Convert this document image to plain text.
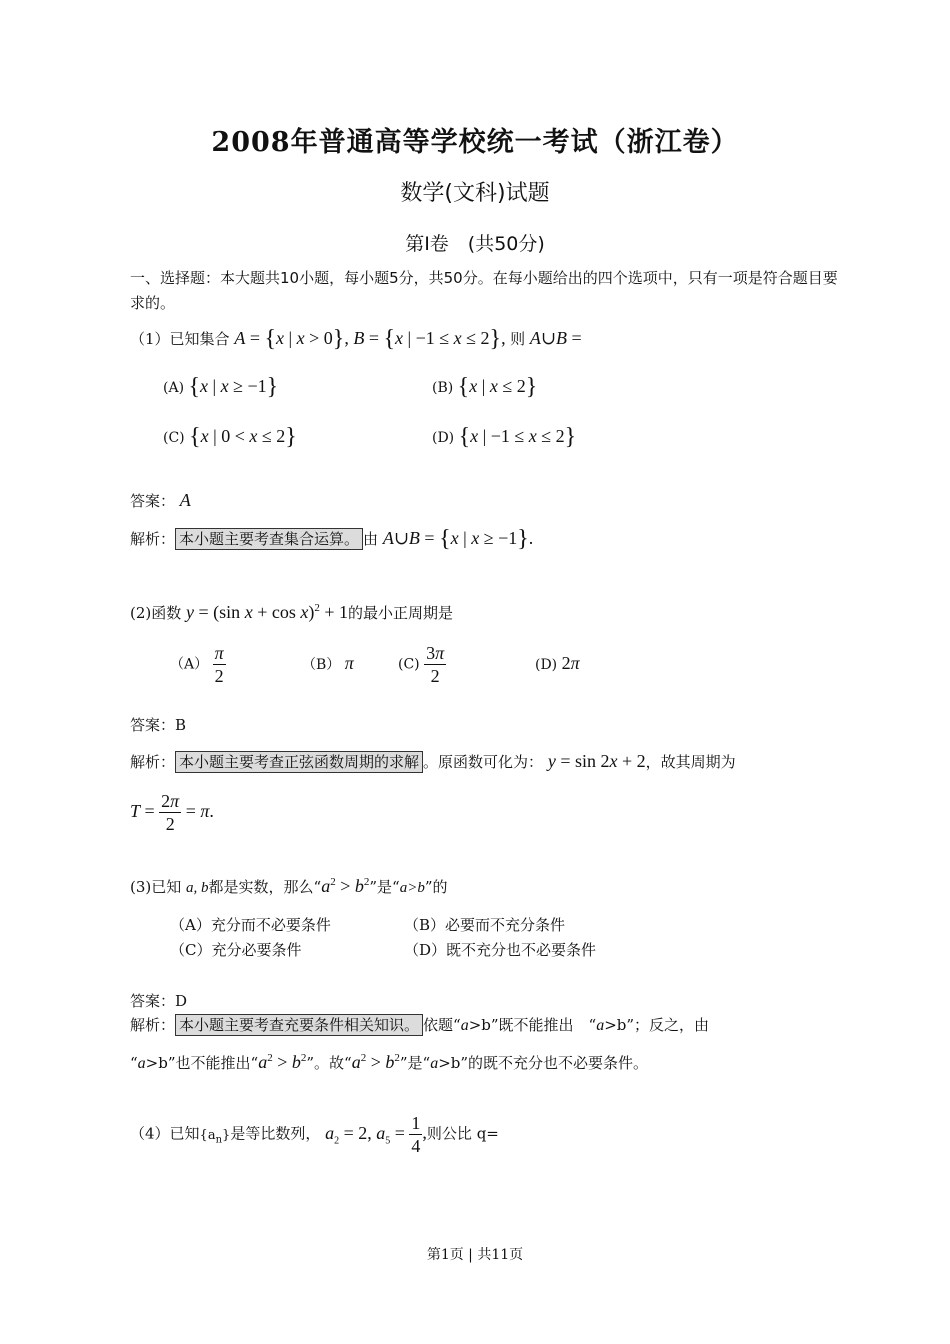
2008年普通高等学校统一考试（浙江卷）
数学(文科)试题
第Ⅰ卷　(共50分)
一、选择题：本大题共10小题，每小题5分，共50分。在每小题给出的四个选项中，只有一项是符合题目要求的。
（1）已知集合 A = {x | x > 0}, B = {x | −1 ≤ x ≤ 2}, 则 A∪B =
(A) {x | x ≥ −1}	(B) {x | x ≤ 2}
(C) {x | 0 < x ≤ 2}	(D) {x | −1 ≤ x ≤ 2}
答案： A
解析： 本小题主要考查集合运算。 由 A∪B = {x | x ≥ −1}.
(2)函数 y = (sin x + cos x)$^2$ + 1的最小正周期是
$(A) \frac{\pi}{2}$	（B） π	$(C) \frac{3\pi}{2}$	(D) 2π
答案：B
解析： 本小题主要考查正弦函数周期的求解 。原函数可化为： y = sin 2x + 2，故其周期为
$T = \frac{2\pi}{2} = \pi$.
(3)已知 a, b都是实数，那么“$a^2 > b^2$”是“a>b”的
（A）充分而不必要条件	（B）必要而不充分条件
（C）充分必要条件	（D）既不充分也不必要条件
答案：D
解析： 本小题主要考查充要条件相关知识。 依题“a>b”既不能推出　“a>b”；反之，由
“a>b”也不能推出“$a^2 > b^2$”。故“$a^2 > b^2$”是“a>b”的既不充分也不必要条件。
（4）已知$\{a_n\}$是等比数列， $a_2 = 2$, $a_5 = \frac{1}{4}$ ,则公比 q=
第1页 | 共11页
